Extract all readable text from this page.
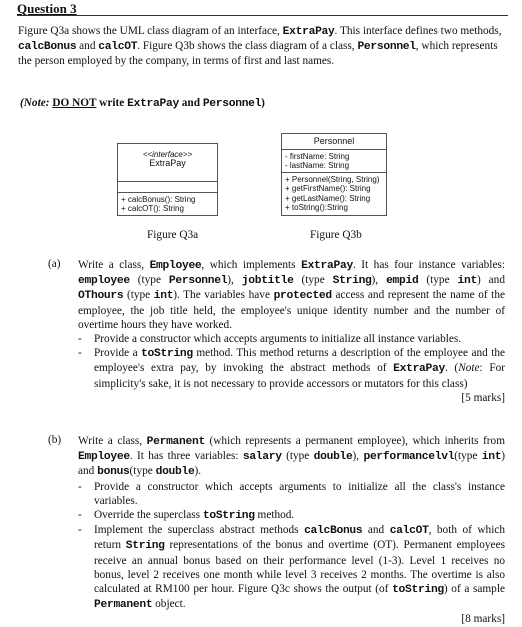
Question 3
Figure Q3a shows the UML class diagram of an interface, ExtraPay. This interface defines two methods, calcBonus and calcOT. Figure Q3b shows the class diagram of a class, Personnel, which represents the person employed by the company, in terms of first and last names.
(Note: DO NOT write ExtraPay and Personnel)
<<interface>>
ExtraPay
+ calcBonus(): String
+ calcOT(): String
Personnel
- firstName: String
- lastName: String
+ Personnel(String, String)
+ getFirstName(): String
+ getLastName(): String
+ toString():String
Figure Q3a	Figure Q3b
(a) Write a class, Employee, which implements ExtraPay. It has four instance variables: employee (type Personnel), jobtitle (type String), empid (type int) and OThours (type int). The variables have protected access and represent the name of the employee, the job title held, the employee's unique identity number and the number of overtime hours they have worked.
- Provide a constructor which accepts arguments to initialize all instance variables.
- Provide a toString method. This method returns a description of the employee and the employee's extra pay, by invoking the abstract methods of ExtraPay. (Note: For simplicity's sake, it is not necessary to provide accessors or mutators for this class)
[5 marks]
(b) Write a class, Permanent (which represents a permanent employee), which inherits from Employee. It has three variables: salary (type double), performancelvl(type int) and bonus(type double).
- Provide a constructor which accepts arguments to initialize all the class's instance variables.
- Override the superclass toString method.
- Implement the superclass abstract methods calcBonus and calcOT, both of which return String representations of the bonus and overtime (OT). Permanent employees receive an annual bonus based on their performance level (1-3). Level 1 receives no bonus, level 2 receives one month while level 3 receives 2 months. The overtime is also calculated at RM100 per hour. Figure Q3c shows the output (of toString) of a sample Permanent object.
[8 marks]
